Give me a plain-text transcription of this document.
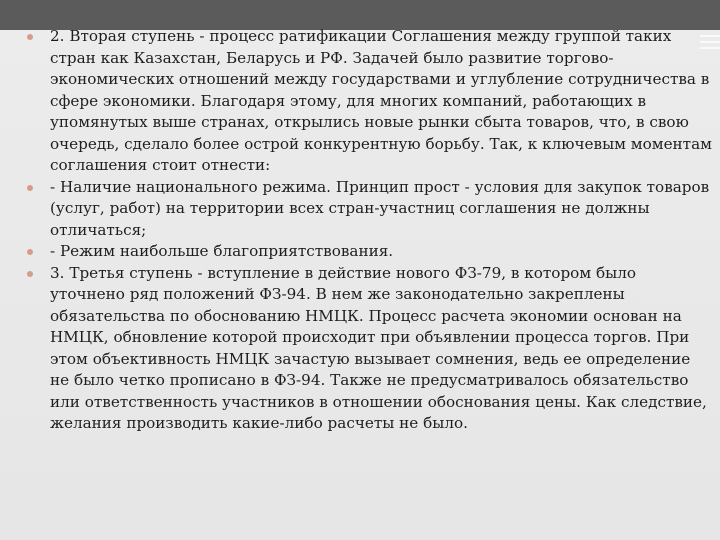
2. Вторая ступень - процесс ратификации Соглашения между группой таких стран как Казахстан, Беларусь и РФ. Задачей было развитие торгово-экономических отношений между государствами и углубление сотрудничества в сфере экономики. Благодаря этому, для многих компаний, работающих в упомянутых выше странах, открылись новые рынки сбыта товаров, что, в свою очередь, сделало более острой конкурентную борьбу. Так, к ключевым моментам соглашения стоит отнести:
- Наличие национального режима. Принцип прост - условия для закупок товаров (услуг, работ) на территории всех стран-участниц соглашения не должны отличаться;
- Режим наибольше благоприятствования.
3. Третья ступень - вступление в действие нового ФЗ-79, в котором было уточнено ряд положений ФЗ-94. В нем же законодательно закреплены обязательства по обоснованию НМЦК. Процесс расчета экономии основан на НМЦК, обновление которой происходит при объявлении процесса торгов. При этом объективность НМЦК зачастую вызывает сомнения, ведь ее определение не было четко прописано в ФЗ-94. Также не предусматривалось обязательство или ответственность участников в отношении обоснования цены. Как следствие, желания производить какие-либо расчеты не было.
